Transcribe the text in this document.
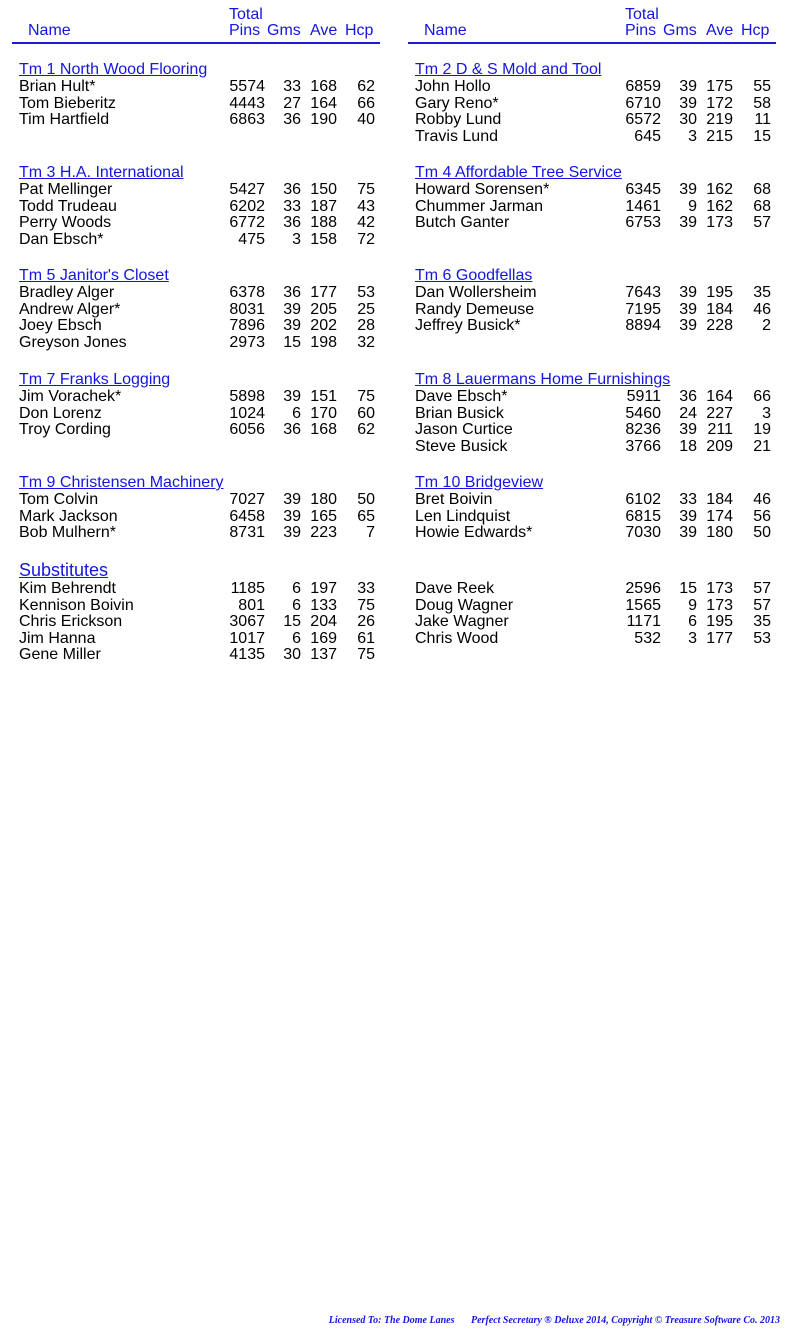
Name
Total
Pins Gms Ave Hcp
Tm 1 North Wood Flooring
Brian Hult*	5574 33 168 62
Tom Bieberitz	4443 27 164 66
Tim Hartfield	6863 36 190 40
Tm 3 H.A. International
Pat Mellinger	5427 36 150 75
Todd Trudeau	6202 33 187 43
Perry Woods	6772 36 188 42
Dan Ebsch*	475 3 158 72
Tm 5 Janitor's Closet
Bradley Alger	6378 36 177 53
Andrew Alger*	8031 39 205 25
Joey Ebsch	7896 39 202 28
Greyson Jones	2973 15 198 32
Tm 7 Franks Logging
Jim Vorachek*	5898 39 151 75
Don Lorenz	1024 6 170 60
Troy Cording	6056 36 168 62
Tm 9 Christensen Machinery
Tom Colvin	7027 39 180 50
Mark Jackson	6458 39 165 65
Bob Mulhern*	8731 39 223 7
Substitutes
Kim Behrendt	1185 6 197 33
Kennison Boivin	801 6 133 75
Chris Erickson	3067 15 204 26
Jim Hanna	1017 6 169 61
Gene Miller	4135 30 137 75
Name
Total
Pins Gms Ave Hcp
Tm 2 D & S Mold and Tool
John Hollo	6859 39 175 55
Gary Reno*	6710 39 172 58
Robby Lund	6572 30 219 11
Travis Lund	645 3 215 15
Tm 4 Affordable Tree Service
Howard Sorensen*	6345 39 162 68
Chummer Jarman	1461 9 162 68
Butch Ganter	6753 39 173 57
Tm 6 Goodfellas
Dan Wollersheim	7643 39 195 35
Randy Demeuse	7195 39 184 46
Jeffrey Busick*	8894 39 228 2
Tm 8 Lauermans Home Furnishings
Dave Ebsch*	5911 36 164 66
Brian Busick	5460 24 227 3
Jason Curtice	8236 39 211 19
Steve Busick	3766 18 209 21
Tm 10 Bridgeview
Bret Boivin	6102 33 184 46
Len Lindquist	6815 39 174 56
Howie Edwards*	7030 39 180 50
Dave Reek	2596 15 173 57
Doug Wagner	1565 9 173 57
Jake Wagner	1171 6 195 35
Chris Wood	532 3 177 53
Licensed To: The Dome Lanes Perfect Secretary ® Deluxe 2014, Copyright © Treasure Software Co. 2013
